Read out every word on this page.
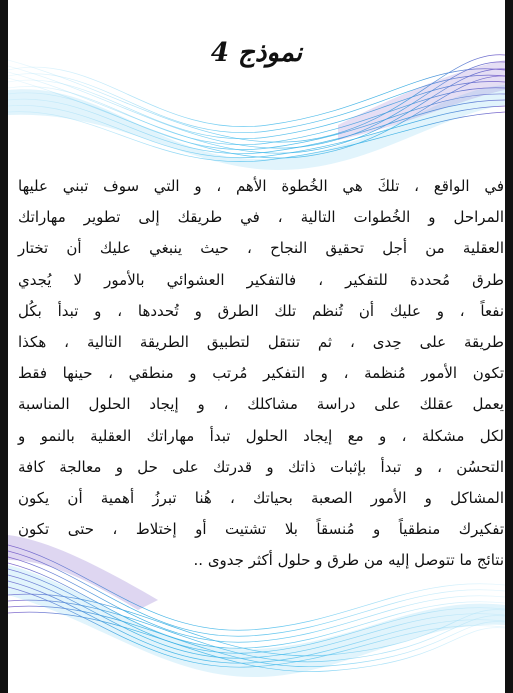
نموذج 4
في الواقع ، تلكَ هي الخُطوة الأهم ، و التي سوف تبني عليها
المراحل و الخُطوات التالية ، في طريقك إلى تطوير مهاراتك
العقلية من أجل تحقيق النجاح ، حيث ينبغي عليك أن تختار
طرق مُحددة للتفكير ، فالتفكير العشوائي بالأمور لا يُجدي
نفعاً ، و عليك أن تُنظم تلك الطرق و تُحددها ، و تبدأ بكُل
طريقة على حِدى ، ثم تنتقل لتطبيق الطريقة التالية ، هكذا
تكون الأمور مُنظمة ، و التفكير مُرتب و منطقي ، حينها فقط
يعمل عقلك على دراسة مشاكلك ، و إيجاد الحلول المناسبة
لكل مشكلة ، و مع إيجاد الحلول تبدأ مهاراتك العقلية بالنمو و
التحسُن ، و تبدأ بإثبات ذاتك و قدرتك على حل و معالجة كافة
المشاكل و الأمور الصعبة بحياتك ، هُنا تبرزُ أهمية أن يكون
تفكيرك منطقياً و مُنسقاً بلا تشتيت أو إختلاط ، حتى تكون
نتائج ما تتوصل إليه من طرق و حلول أكثر جدوى ..
